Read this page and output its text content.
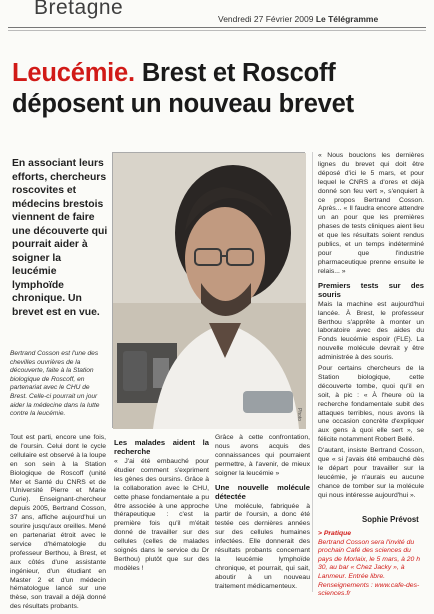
Bretagne	Vendredi 27 Février 2009 Le Télégramme
Leucémie. Brest et Roscoff déposent un nouveau brevet
En associant leurs efforts, chercheurs roscovites et médecins brestois viennent de faire une découverte qui pourrait aider à soigner la leucémie lymphoïde chronique. Un brevet est en vue.
Photo
Bertrand Cosson est l'une des chevilles ouvrières de la découverte, faite à la Station biologique de Roscoff, en partenariat avec le CHU de Brest. Celle-ci pourrait un jour aider la médecine dans la lutte contre la leucémie.

Tout est parti, encore une fois, de l'oursin. Celui dont le cycle cellulaire est observé à la loupe en son sein à la Station Biologique de Roscoff (unité Mer et Santé du CNRS et de l'Université Pierre et Marie Curie). Enseignant-chercheur depuis 2005, Bertrand Cosson, 37 ans, affiche aujourd'hui un sourire jusqu'aux oreilles. Mené en partenariat étroit avec le service d'hématologie du professeur Berthou, à Brest, et aux côtés d'une assistante ingénieur, d'un étudiant en Master 2 et d'un médecin hématologue lancé sur une thèse, son travail a déjà donné des résultats probants.

Les malades aident la recherche

« J'ai été embauché pour étudier comment s'expriment les gènes des oursins. Grâce à la collaboration avec le CHU, cette phase fondamentale a pu être associée à une approche thérapeutique : c'est la première fois qu'il m'était donné de travailler sur des cellules (celles de malades soignés dans le service du Dr Berthou) plutôt que sur des modèles !

Grâce à cette confrontation, nous avons acquis des connaissances qui pourraient permettre, à l'avenir, de mieux soigner la leucémie »

Une nouvelle molécule détectée

Une molécule, fabriquée à partir de l'oursin, a donc été testée ces dernières années sur des cellules humaines infectées. Elle donnerait des résultats probants concernant la leucémie lymphoïde chronique, et pourrait, qui sait, aboutir à un nouveau traitement médicamenteux.

« Nous bouclons les dernières lignes du brevet qui doit être déposé d'ici le 5 mars, et pour lequel le CNRS a d'ores et déjà donné son feu vert », s'enquiert à ce propos Bertrand Cosson. Après... « Il faudra encore attendre un an pour que les premières phases de tests cliniques aient lieu et que les résultats soient rendus publics, et un temps indéterminé pour que l'industrie pharmaceutique prenne ensuite le relais... »

Premiers tests sur des souris

Mais la machine est aujourd'hui lancée. À Brest, le professeur Berthou s'apprête à monter un laboratoire avec des aides du Fonds leucémie espoir (FLE). La nouvelle molécule devrait y être administrée à des souris.

Pour certains chercheurs de la Station biologique, cette découverte tombe, quoi qu'il en soit, à pic : « À l'heure où la recherche fondamentale subit des attaques terribles, nous avons là une occasion concrète d'expliquer aux gens à quoi elle sert », se félicite notamment Robert Bellé.

D'autant, insiste Bertrand Cosson, que « si j'avais été embauché dès le départ pour travailler sur la leucémie, je n'aurais eu aucune chance de tomber sur la molécule qui nous intéresse aujourd'hui ».

Sophie Prévost
> Pratique
Bertrand Cosson sera l'invité du prochain Café des sciences du pays de Morlaix, le 5 mars, à 20 h 30, au bar « Chez Jacky », à Lanmeur. Entrée libre. Renseignements : www.cafe-des-sciences.fr
